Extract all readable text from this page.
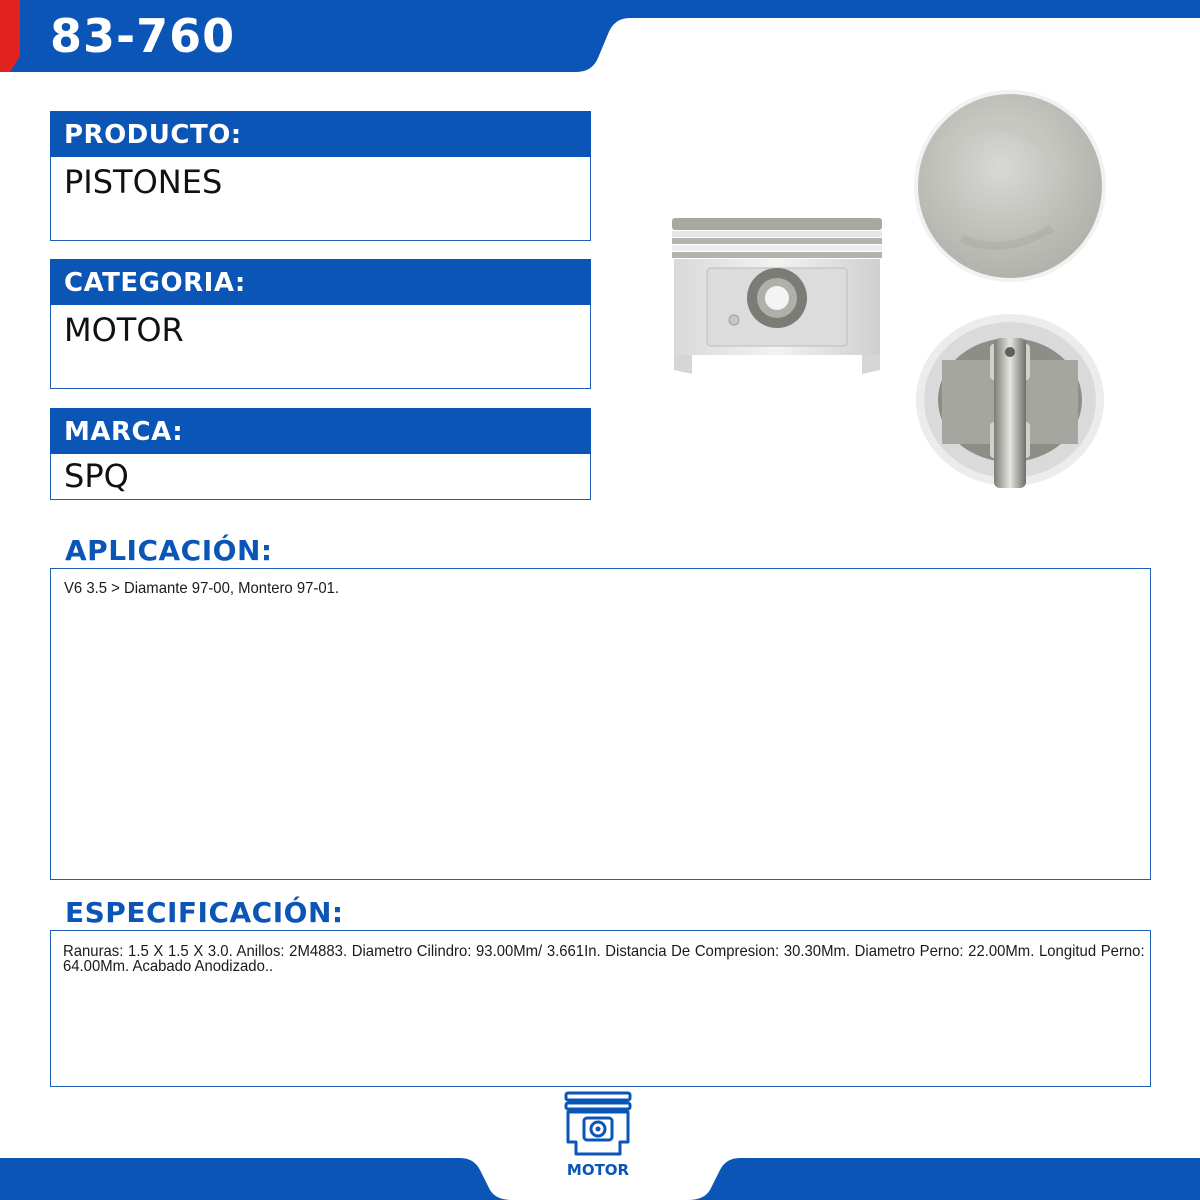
83-760
PRODUCTO:
PISTONES
CATEGORIA:
MOTOR
MARCA:
SPQ
APLICACIÓN:

V6 3.5 > Diamante 97-00, Montero 97-01.

ESPECIFICACIÓN:

Ranuras: 1.5 X 1.5 X 3.0. Anillos: 2M4883. Diametro Cilindro: 93.00Mm/ 3.661In. Distancia De Compresion: 30.30Mm. Diametro Perno: 22.00Mm. Longitud Perno: 64.00Mm. Acabado Anodizado..

MOTOR
